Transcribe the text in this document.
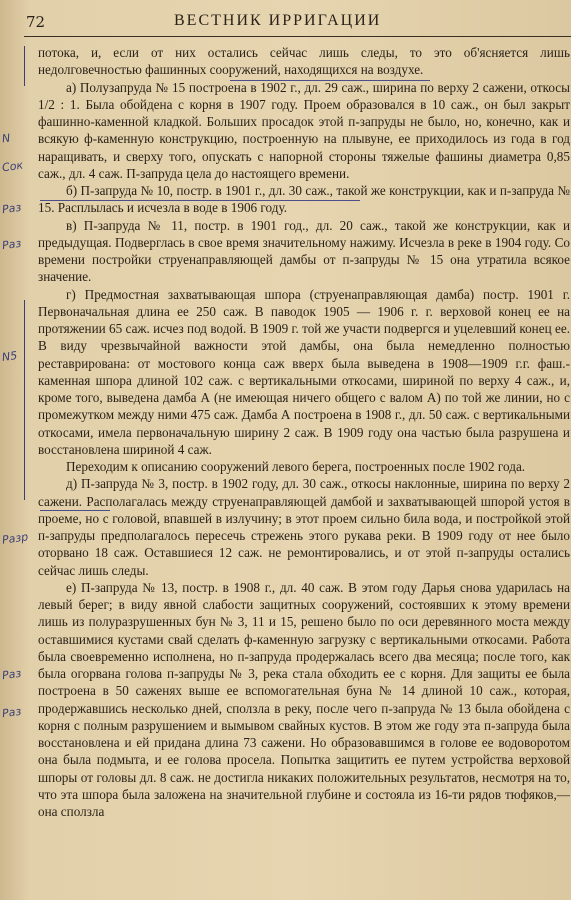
72	ВЕСТНИК ИРРИГАЦИИ
N
Сок
Раз
Раз
N5
Разр
Раз
Раз

потока, и, если от них остались сейчас лишь следы, то это об'ясняется лишь недолговечностью фашинных сооружений, находящихся на воздухе.

а) Полузапруда № 15 построена в 1902 г., дл. 29 саж., ширина по верху 2 сажени, откосы 1/2 : 1. Была обойдена с корня в 1907 году. Проем образовался в 10 саж., он был закрыт фашинно-каменной кладкой. Больших просадок этой п-запруды не было, но, конечно, как и всякую ф-каменную конструкцию, построенную на плывуне, ее приходилось из года в год наращивать, и сверху того, опускать с напорной стороны тяжелые фашины диаметра 0,85 саж., дл. 4 саж. П-запруда цела до настоящего времени.

б) П-запруда № 10, постр. в 1901 г., дл. 30 саж., такой же конструкции, как и п-запруда № 15. Расплылась и исчезла в воде в 1906 году.

в) П-запруда № 11, постр. в 1901 год., дл. 20 саж., такой же конструкции, как и предыдущая. Подверглась в свое время значительному нажиму. Исчезла в реке в 1904 году. Со времени постройки струенаправляющей дамбы от п-запруды № 15 она утратила всякое значение.

г) Предмостная захватывающая шпора (струенаправляющая дамба) постр. 1901 г. Первоначальная длина ее 250 саж. В паводок 1905 — 1906 г. г. верховой конец ее на протяжении 65 саж. исчез под водой. В 1909 г. той же участи подвергся и уцелевший конец ее. В виду чрезвычайной важности этой дамбы, она была немедленно полностью реставрирована: от мостового конца саж вверх была выведена в 1908—1909 г.г. фаш.-каменная шпора длиной 102 саж. с вертикальными откосами, шириной по верху 4 саж., и, кроме того, выведена дамба А (не имеющая ничего общего с валом А) по той же линии, но с промежутком между ними 475 саж. Дамба А построена в 1908 г., дл. 50 саж. с вертикальными откосами, имела первоначальную ширину 2 саж. В 1909 году она частью была разрушена и восстановлена шириной 4 саж.

Переходим к описанию сооружений левого берега, построенных после 1902 года.

д) П-запруда № 3, постр. в 1902 году, дл. 30 саж., откосы наклонные, ширина по верху 2 сажени. Располагалась между струенаправляющей дамбой и захватывающей шпорой устоя в проеме, но с головой, впавшей в излучину; в этот проем сильно била вода, и постройкой этой п-запруды предполагалось пересечь стрежень этого рукава реки. В 1909 году от нее было оторвано 18 саж. Оставшиеся 12 саж. не ремонтировались, и от этой п-запруды остались сейчас лишь следы.

е) П-запруда № 13, постр. в 1908 г., дл. 40 саж. В этом году Дарья снова ударилась на левый берег; в виду явной слабости защитных сооружений, состоявших к этому времени лишь из полуразрушенных бун № 3, 11 и 15, решено было по оси деревянного моста между оставшимися кустами свай сделать ф-каменную загрузку с вертикальными откосами. Работа была своевременно исполнена, но п-запруда продержалась всего два месяца; после того, как была огорвана голова п-запруды № 3, река стала обходить ее с корня. Для защиты ее была построена в 50 саженях выше ее вспомогательная буна № 14 длиной 10 саж., которая, продержавшись несколько дней, сползла в реку, после чего п-запруда № 13 была обойдена с корня с полным разрушением и вымывом свайных кустов. В этом же году эта п-запруда была восстановлена и ей придана длина 73 сажени. Но образовавшимся в голове ее водоворотом она была подмыта, и ее голова просела. Попытка защитить ее путем устройства верховой шпоры от головы дл. 8 саж. не достигла никаких положительных результатов, несмотря на то, что эта шпора была заложена на значительной глубине и состояла из 16-ти рядов тюфяков,—она сползла
